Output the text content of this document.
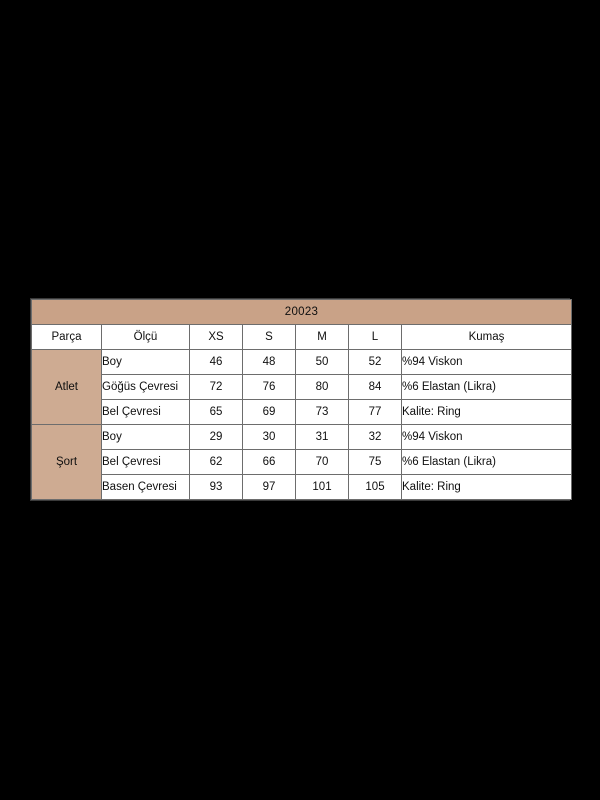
20023						
Parça	Ölçü	XS	S	M	L	Kumaş
Atlet	Boy	46	48	50	52	%94 Viskon
	Göğüs Çevresi	72	76	80	84	%6 Elastan (Likra)
	Bel Çevresi	65	69	73	77	Kalite: Ring
Şort	Boy	29	30	31	32	%94 Viskon
	Bel Çevresi	62	66	70	75	%6 Elastan (Likra)
	Basen Çevresi	93	97	101	105	Kalite: Ring
